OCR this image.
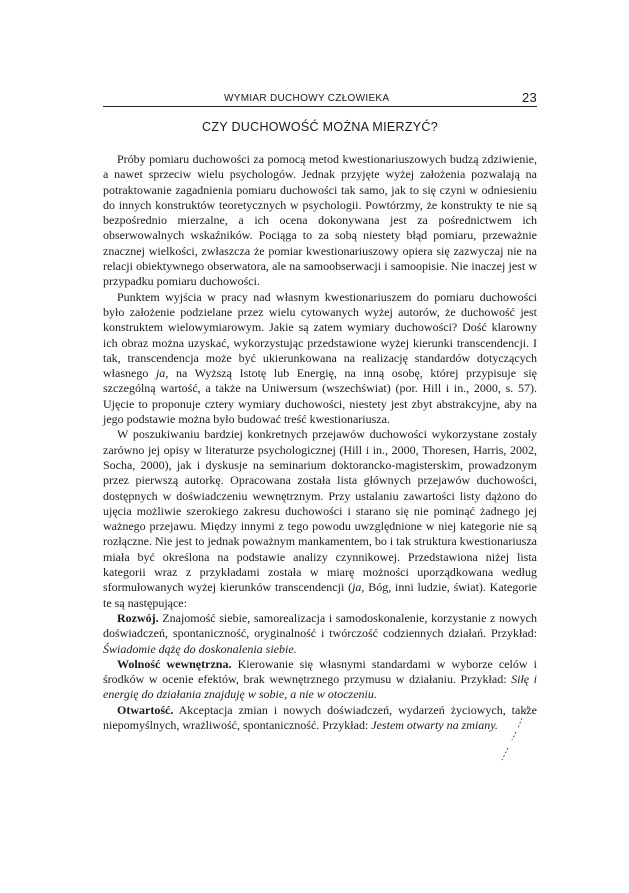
WYMIAR DUCHOWY CZŁOWIEKA	23
CZY DUCHOWOŚĆ MOŻNA MIERZYĆ?

Próby pomiaru duchowości za pomocą metod kwestionariuszowych budzą zdziwienie, a nawet sprzeciw wielu psychologów. Jednak przyjęte wyżej założenia pozwalają na potraktowanie zagadnienia pomiaru duchowości tak samo, jak to się czyni w odniesieniu do innych konstruktów teoretycznych w psychologii. Powtórzmy, że konstrukty te nie są bezpośrednio mierzalne, a ich ocena dokonywana jest za pośrednictwem ich obserwowalnych wskaźników. Pociąga to za sobą niestety błąd pomiaru, przeważnie znacznej wielkości, zwłaszcza że pomiar kwestionariuszowy opiera się zazwyczaj nie na relacji obiektywnego obserwatora, ale na samoobserwacji i samoopisie. Nie inaczej jest w przypadku pomiaru duchowości.

Punktem wyjścia w pracy nad własnym kwestionariuszem do pomiaru duchowości było założenie podzielane przez wielu cytowanych wyżej autorów, że duchowość jest konstruktem wielowymiarowym. Jakie są zatem wymiary duchowości? Dość klarowny ich obraz można uzyskać, wykorzystując przedstawione wyżej kierunki transcendencji. I tak, transcendencja może być ukierunkowana na realizację standardów dotyczących własnego ja, na Wyższą Istotę lub Energię, na inną osobę, której przypisuje się szczególną wartość, a także na Uniwersum (wszechświat) (por. Hill i in., 2000, s. 57). Ujęcie to proponuje cztery wymiary duchowości, niestety jest zbyt abstrakcyjne, aby na jego podstawie można było budować treść kwestionariusza.

W poszukiwaniu bardziej konkretnych przejawów duchowości wykorzystane zostały zarówno jej opisy w literaturze psychologicznej (Hill i in., 2000, Thoresen, Harris, 2002, Socha, 2000), jak i dyskusje na seminarium doktorancko-magisterskim, prowadzonym przez pierwszą autorkę. Opracowana została lista głównych przejawów duchowości, dostępnych w doświadczeniu wewnętrznym. Przy ustalaniu zawartości listy dążono do ujęcia możliwie szerokiego zakresu duchowości i starano się nie pominąć żadnego jej ważnego przejawu. Między innymi z tego powodu uwzględnione w niej kategorie nie są rozłączne. Nie jest to jednak poważnym mankamentem, bo i tak struktura kwestionariusza miała być określona na podstawie analizy czynnikowej. Przedstawiona niżej lista kategorii wraz z przykładami została w miarę możności uporządkowana według sformułowanych wyżej kierunków transcendencji (ja, Bóg, inni ludzie, świat). Kategorie te są następujące:

Rozwój. Znajomość siebie, samorealizacja i samodoskonalenie, korzystanie z nowych doświadczeń, spontaniczność, oryginalność i twórczość codziennych działań. Przykład: Świadomie dążę do doskonalenia siebie.

Wolność wewnętrzna. Kierowanie się własnymi standardami w wyborze celów i środków w ocenie efektów, brak wewnętrznego przymusu w działaniu. Przykład: Siłę i energię do działania znajduję w sobie, a nie w otoczeniu.

Otwartość. Akceptacja zmian i nowych doświadczeń, wydarzeń życiowych, także niepomyślnych, wrażliwość, spontaniczność. Przykład: Jestem otwarty na zmiany.
